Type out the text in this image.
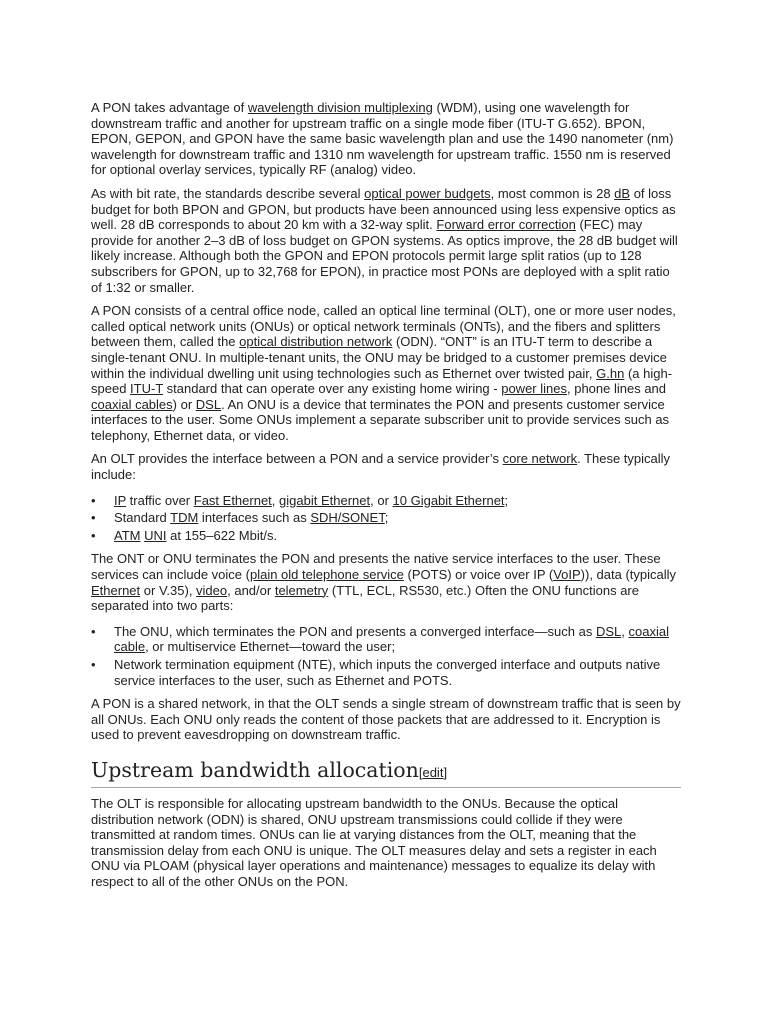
A PON takes advantage of wavelength division multiplexing (WDM), using one wavelength for downstream traffic and another for upstream traffic on a single mode fiber (ITU-T G.652). BPON, EPON, GEPON, and GPON have the same basic wavelength plan and use the 1490 nanometer (nm) wavelength for downstream traffic and 1310 nm wavelength for upstream traffic. 1550 nm is reserved for optional overlay services, typically RF (analog) video.

As with bit rate, the standards describe several optical power budgets, most common is 28 dB of loss budget for both BPON and GPON, but products have been announced using less expensive optics as well. 28 dB corresponds to about 20 km with a 32-way split. Forward error correction (FEC) may provide for another 2–3 dB of loss budget on GPON systems. As optics improve, the 28 dB budget will likely increase. Although both the GPON and EPON protocols permit large split ratios (up to 128 subscribers for GPON, up to 32,768 for EPON), in practice most PONs are deployed with a split ratio of 1:32 or smaller.

A PON consists of a central office node, called an optical line terminal (OLT), one or more user nodes, called optical network units (ONUs) or optical network terminals (ONTs), and the fibers and splitters between them, called the optical distribution network (ODN). “ONT” is an ITU-T term to describe a single-tenant ONU. In multiple-tenant units, the ONU may be bridged to a customer premises device within the individual dwelling unit using technologies such as Ethernet over twisted pair, G.hn (a high-speed ITU-T standard that can operate over any existing home wiring - power lines, phone lines and coaxial cables) or DSL. An ONU is a device that terminates the PON and presents customer service interfaces to the user. Some ONUs implement a separate subscriber unit to provide services such as telephony, Ethernet data, or video.

An OLT provides the interface between a PON and a service provider’s core network. These typically include:

• IP traffic over Fast Ethernet, gigabit Ethernet, or 10 Gigabit Ethernet;
• Standard TDM interfaces such as SDH/SONET;
• ATM UNI at 155–622 Mbit/s.

The ONT or ONU terminates the PON and presents the native service interfaces to the user. These services can include voice (plain old telephone service (POTS) or voice over IP (VoIP)), data (typically Ethernet or V.35), video, and/or telemetry (TTL, ECL, RS530, etc.) Often the ONU functions are separated into two parts:

• The ONU, which terminates the PON and presents a converged interface—such as DSL, coaxial cable, or multiservice Ethernet—toward the user;
• Network termination equipment (NTE), which inputs the converged interface and outputs native service interfaces to the user, such as Ethernet and POTS.

A PON is a shared network, in that the OLT sends a single stream of downstream traffic that is seen by all ONUs. Each ONU only reads the content of those packets that are addressed to it. Encryption is used to prevent eavesdropping on downstream traffic.

Upstream bandwidth allocation[edit]

The OLT is responsible for allocating upstream bandwidth to the ONUs. Because the optical distribution network (ODN) is shared, ONU upstream transmissions could collide if they were transmitted at random times. ONUs can lie at varying distances from the OLT, meaning that the transmission delay from each ONU is unique. The OLT measures delay and sets a register in each ONU via PLOAM (physical layer operations and maintenance) messages to equalize its delay with respect to all of the other ONUs on the PON.
